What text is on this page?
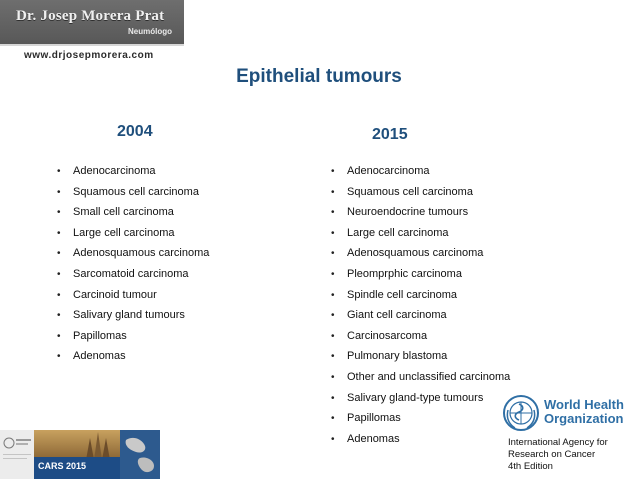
Dr. Josep Morera Prat
Neumólogo
www.drjosepmorera.com
Epithelial tumours
2004	2015
• Adenocarcinoma
• Squamous cell carcinoma
• Small cell carcinoma
• Large cell carcinoma
• Adenosquamous carcinoma
• Sarcomatoid carcinoma
• Carcinoid tumour
• Salivary gland tumours
• Papillomas
• Adenomas
• Adenocarcinoma
• Squamous cell carcinoma
• Neuroendocrine tumours
• Large cell carcinoma
• Adenosquamous carcinoma
• Pleomprphic carcinoma
• Spindle cell carcinoma
• Giant cell carcinoma
• Carcinosarcoma
• Pulmonary blastoma
• Other and unclassified carcinoma
• Salivary gland-type tumours
• Papillomas
• Adenomas
CARS 2015
World Health
Organization
International Agency for
Research on Cancer
4th Edition
